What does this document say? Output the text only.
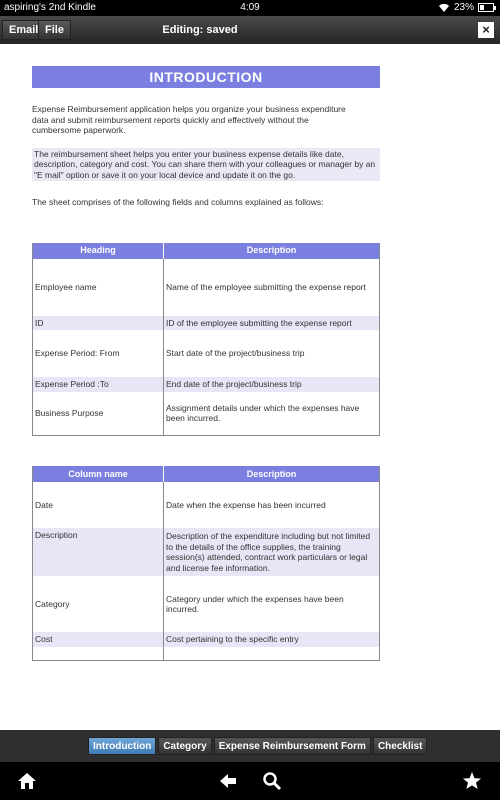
aspiring's 2nd Kindle	4:09	23%
Email File	Editing: saved	×
INTRODUCTION

Expense Reimbursement application helps you organize your business expenditure data and submit reimbursement reports quickly and effectively without the cumbersome paperwork.

The reimbursement sheet helps you enter your business expense details like date, description, category and cost. You can share them with your colleagues or manager by an "E mail" option or save it on your local device and update it on the go.

The sheet comprises of the following fields and columns explained as follows:

Heading	Description
Employee name	Name of the employee submitting the expense report
ID	ID of the employee submitting the expense report
Expense Period: From	Start date of the project/business trip
Expense Period :To	End date of the project/business trip
Business Purpose	Assignment details under which the expenses have been incurred.
Column name	Description
Date	Date when the expense has been incurred
Description	Description of the expenditure including but not limited to the details of the office supplies, the training session(s) attended, contract work particulars or legal and license fee information.
Category	Category under which the expenses have been incurred.
Cost	Cost pertaining to the specific entry

Introduction	Category	Expense Reimbursement Form	Checklist
